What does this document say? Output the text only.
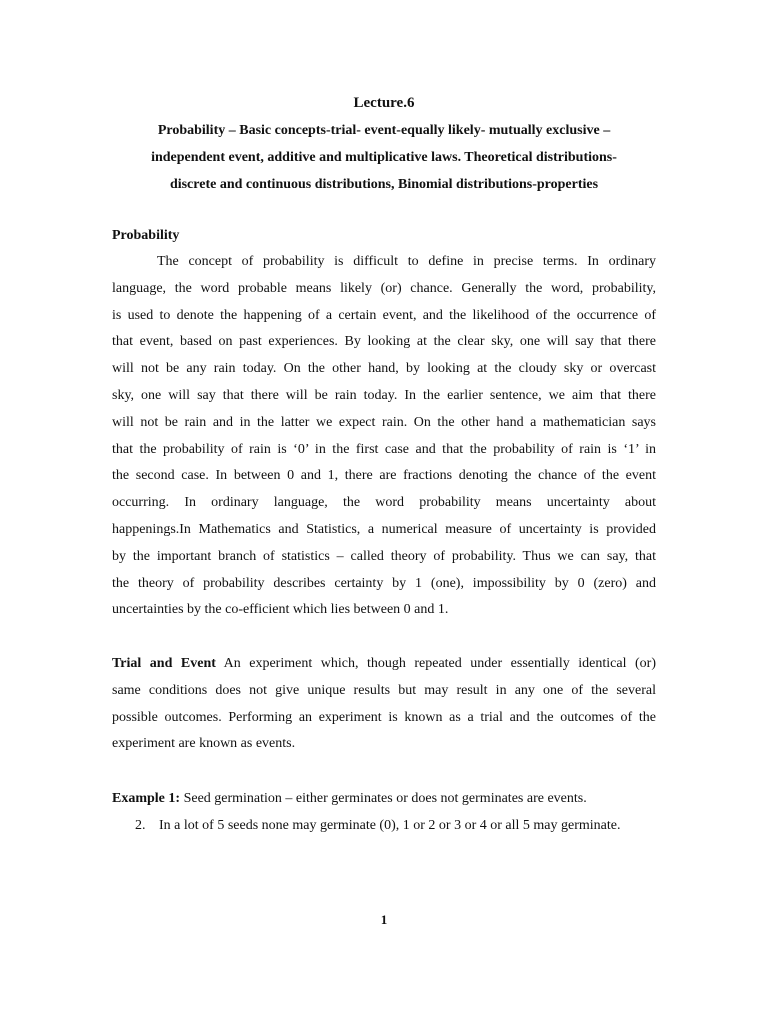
Lecture.6
Probability – Basic concepts-trial- event-equally likely- mutually exclusive –
independent event, additive and multiplicative laws. Theoretical distributions-
discrete and continuous distributions, Binomial distributions-properties
Probability
The concept of probability is difficult to define in precise terms. In ordinary
language, the word probable means likely (or) chance. Generally the word, probability,
is used to denote the happening of a certain event, and the likelihood of the occurrence of
that event, based on past experiences. By looking at the clear sky, one will say that there
will not be any rain today. On the other hand, by looking at the cloudy sky or overcast
sky, one will say that there will be rain today. In the earlier sentence, we aim that there
will not be rain and in the latter we expect rain. On the other hand a mathematician says
that the probability of rain is ‘0’ in the first case and that the probability of rain is ‘1’ in
the second case. In between 0 and 1, there are fractions denoting the chance of the event
occurring. In ordinary language, the word probability means uncertainty about
happenings.In Mathematics and Statistics, a numerical measure of uncertainty is provided
by the important branch of statistics – called theory of probability. Thus we can say, that
the theory of probability describes certainty by 1 (one), impossibility by 0 (zero) and
uncertainties by the co-efficient which lies between 0 and 1.
Trial and Event An experiment which, though repeated under essentially identical (or)
same conditions does not give unique results but may result in any one of the several
possible outcomes. Performing an experiment is known as a trial and the outcomes of the
experiment are known as events.
Example 1: Seed germination – either germinates or does not germinates are events.
2. In a lot of 5 seeds none may germinate (0), 1 or 2 or 3 or 4 or all 5 may germinate.
1
